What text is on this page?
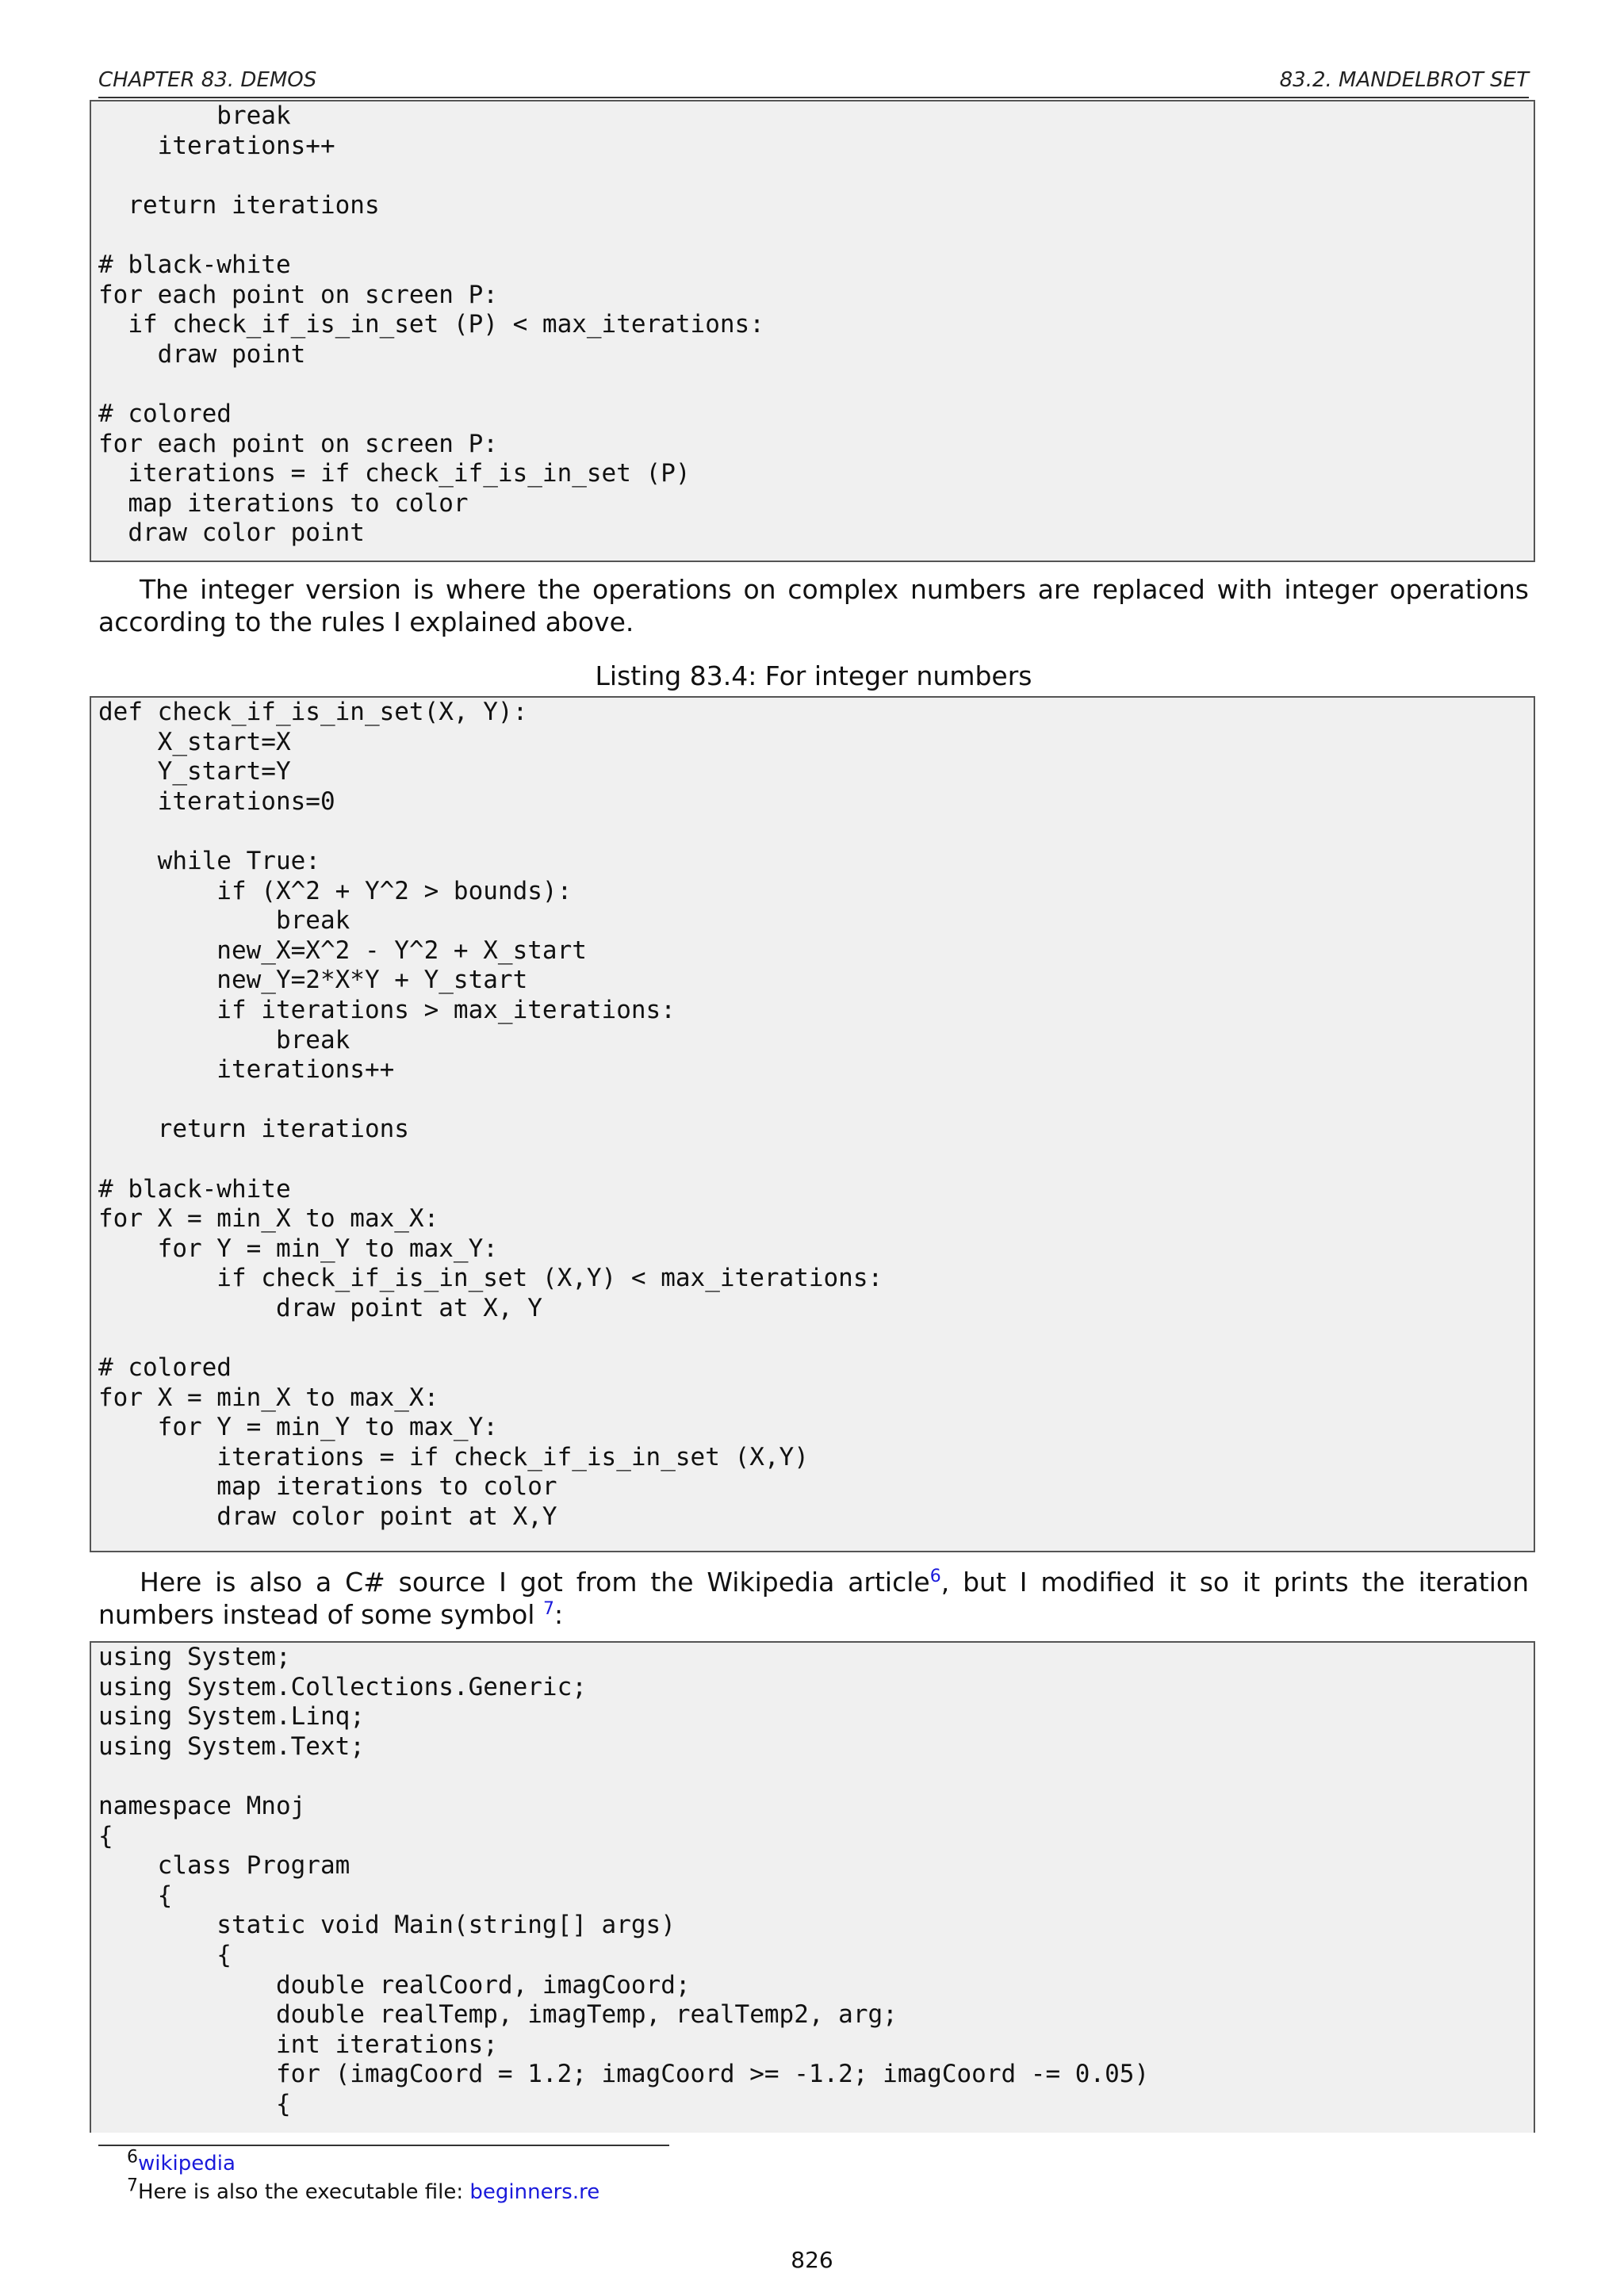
CHAPTER 83. DEMOS	83.2. MANDELBROT SET
break
iterations++
return iterations
# black-white
for each point on screen P:
if check_if_is_in_set (P) < max_iterations:
draw point
# colored
for each point on screen P:
iterations = if check_if_is_in_set (P)
map iterations to color
draw color point
The integer version is where the operations on complex numbers are replaced with integer operations according to the rules I explained above.
Listing 83.4: For integer numbers
def check_if_is_in_set(X, Y):
X_start=X
Y_start=Y
iterations=0
while True:
if (X^2 + Y^2 > bounds):
break
new_X=X^2 - Y^2 + X_start
new_Y=2*X*Y + Y_start
if iterations > max_iterations:
break
iterations++
return iterations
# black-white
for X = min_X to max_X:
for Y = min_Y to max_Y:
if check_if_is_in_set (X,Y) < max_iterations:
draw point at X, Y
# colored
for X = min_X to max_X:
for Y = min_Y to max_Y:
iterations = if check_if_is_in_set (X,Y)
map iterations to color
draw color point at X,Y
Here is also a C# source I got from the Wikipedia article$^6$, but I modified it so it prints the iteration numbers instead of some symbol $^7$:
using System;
using System.Collections.Generic;
using System.Linq;
using System.Text;
namespace Mnoj
{
class Program
{
static void Main(string[] args)
{
double realCoord, imagCoord;
double realTemp, imagTemp, realTemp2, arg;
int iterations;
for (imagCoord = 1.2; imagCoord >= -1.2; imagCoord -= 0.05)
{
$^6$wikipedia
$^7$Here is also the executable file: beginners.re
826
